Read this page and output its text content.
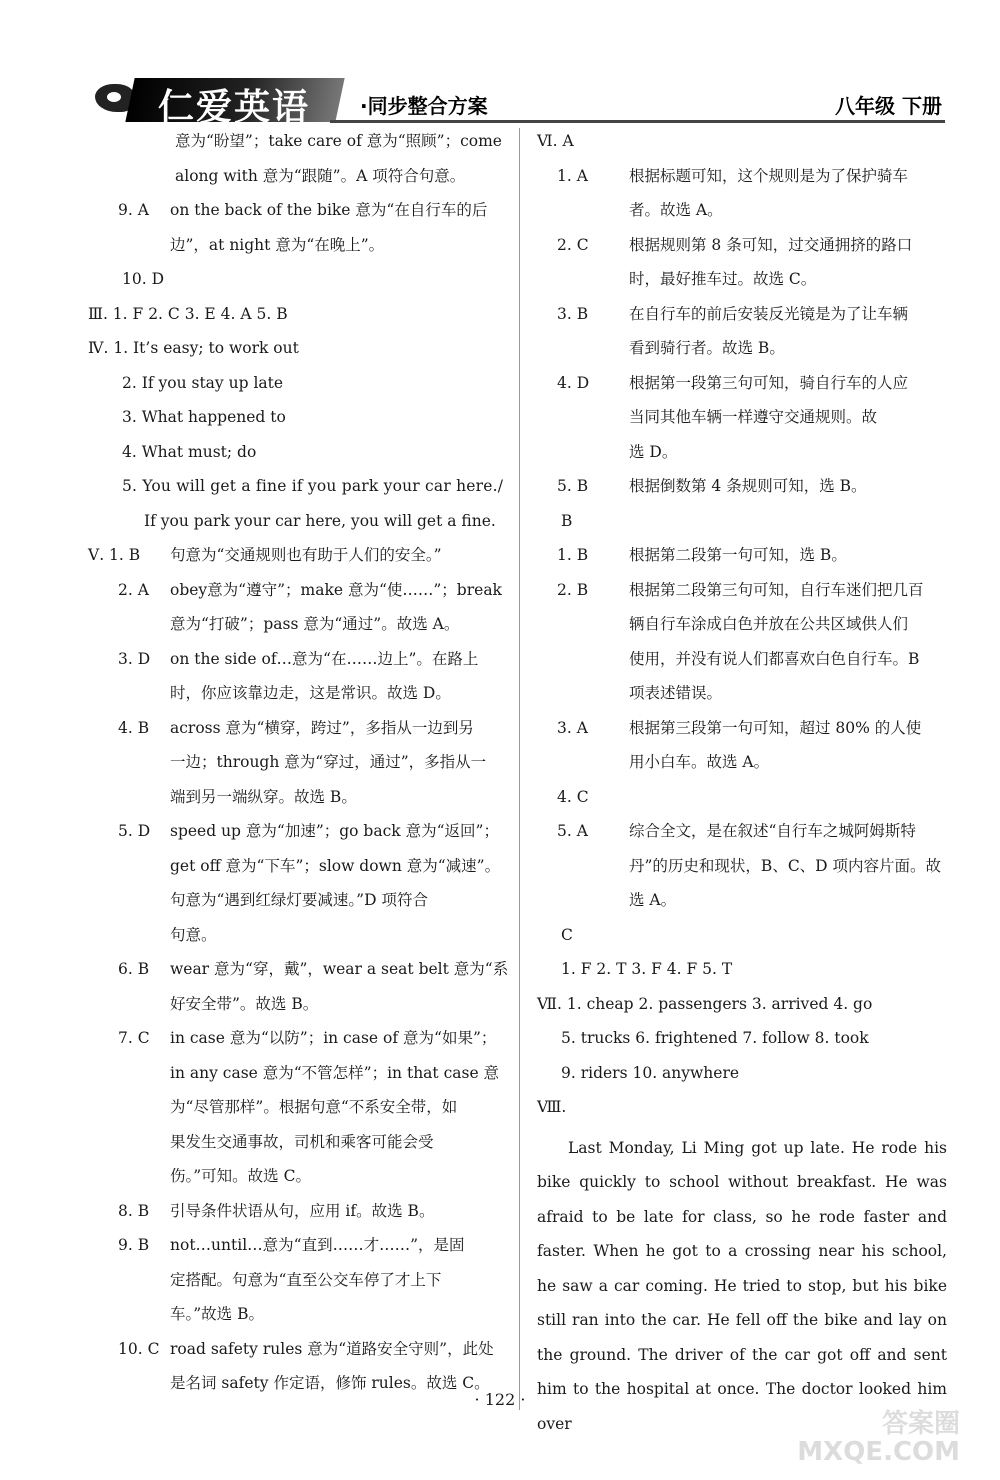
仁爱英语 ·同步整合方案	八年级 下册
意为“盼望”；take care of 意为“照顾”；come
along with 意为“跟随”。A 项符合句意。
9. A	on the back of the bike 意为“在自行车的后
边”，at night 意为“在晚上”。
10. D
Ⅲ. 1. F 2. C 3. E 4. A 5. B
Ⅳ. 1. It’s easy; to work out
2. If you stay up late
3. What happened to
4. What must; do
5. You will get a fine if you park your car here./
If you park your car here, you will get a fine.
Ⅴ. 1. B	句意为“交通规则也有助于人们的安全。”
2. A	obey意为“遵守”；make 意为“使……”；break
意为“打破”；pass 意为“通过”。故选 A。
3. D	on the side of…意为“在……边上”。在路上
时，你应该靠边走，这是常识。故选 D。
4. B	across 意为“横穿，跨过”，多指从一边到另
一边；through 意为“穿过，通过”，多指从一
端到另一端纵穿。故选 B。
5. D	speed up 意为“加速”；go back 意为“返回”；
get off 意为“下车”；slow down 意为“减速”。
句意为“遇到红绿灯要减速。”D 项符合
句意。
6. B	wear 意为“穿，戴”，wear a seat belt 意为“系
好安全带”。故选 B。
7. C	in case 意为“以防”；in case of 意为“如果”；
in any case 意为“不管怎样”；in that case 意
为“尽管那样”。根据句意“不系安全带，如
果发生交通事故，司机和乘客可能会受
伤。”可知。故选 C。
8. B	引导条件状语从句，应用 if。故选 B。
9. B	not…until…意为“直到……才……”，是固
定搭配。句意为“直至公交车停了才上下
车。”故选 B。
10. C road safety rules 意为“道路安全守则”，此处
是名词 safety 作定语，修饰 rules。故选 C。
Ⅵ. A
1. A	根据标题可知，这个规则是为了保护骑车
者。故选 A。
2. C	根据规则第 8 条可知，过交通拥挤的路口
时，最好推车过。故选 C。
3. B	在自行车的前后安装反光镜是为了让车辆
看到骑行者。故选 B。
4. D	根据第一段第三句可知，骑自行车的人应
当同其他车辆一样遵守交通规则。故
选 D。
5. B	根据倒数第 4 条规则可知，选 B。
B
1. B	根据第二段第一句可知，选 B。
2. B	根据第二段第三句可知，自行车迷们把几百
辆自行车涂成白色并放在公共区域供人们
使用，并没有说人们都喜欢白色自行车。B
项表述错误。
3. A	根据第三段第一句可知，超过 80% 的人使
用小白车。故选 A。
4. C
5. A	综合全文，是在叙述“自行车之城阿姆斯特
丹”的历史和现状，B、C、D 项内容片面。故
选 A。
C
1. F 2. T 3. F 4. F 5. T
Ⅶ. 1. cheap 2. passengers 3. arrived 4. go
5. trucks 6. frightened 7. follow 8. took
9. riders 10. anywhere
Ⅷ.
Last Monday, Li Ming got up late. He rode his bike quickly to school without breakfast. He was afraid to be late for class, so he rode faster and faster. When he got to a crossing near his school, he saw a car coming. He tried to stop, but his bike still ran into the car. He fell off the bike and lay on the ground. The driver of the car got off and sent him to the hospital at once. The doctor looked him over
· 122 ·
答案圈
MXQE.COM
